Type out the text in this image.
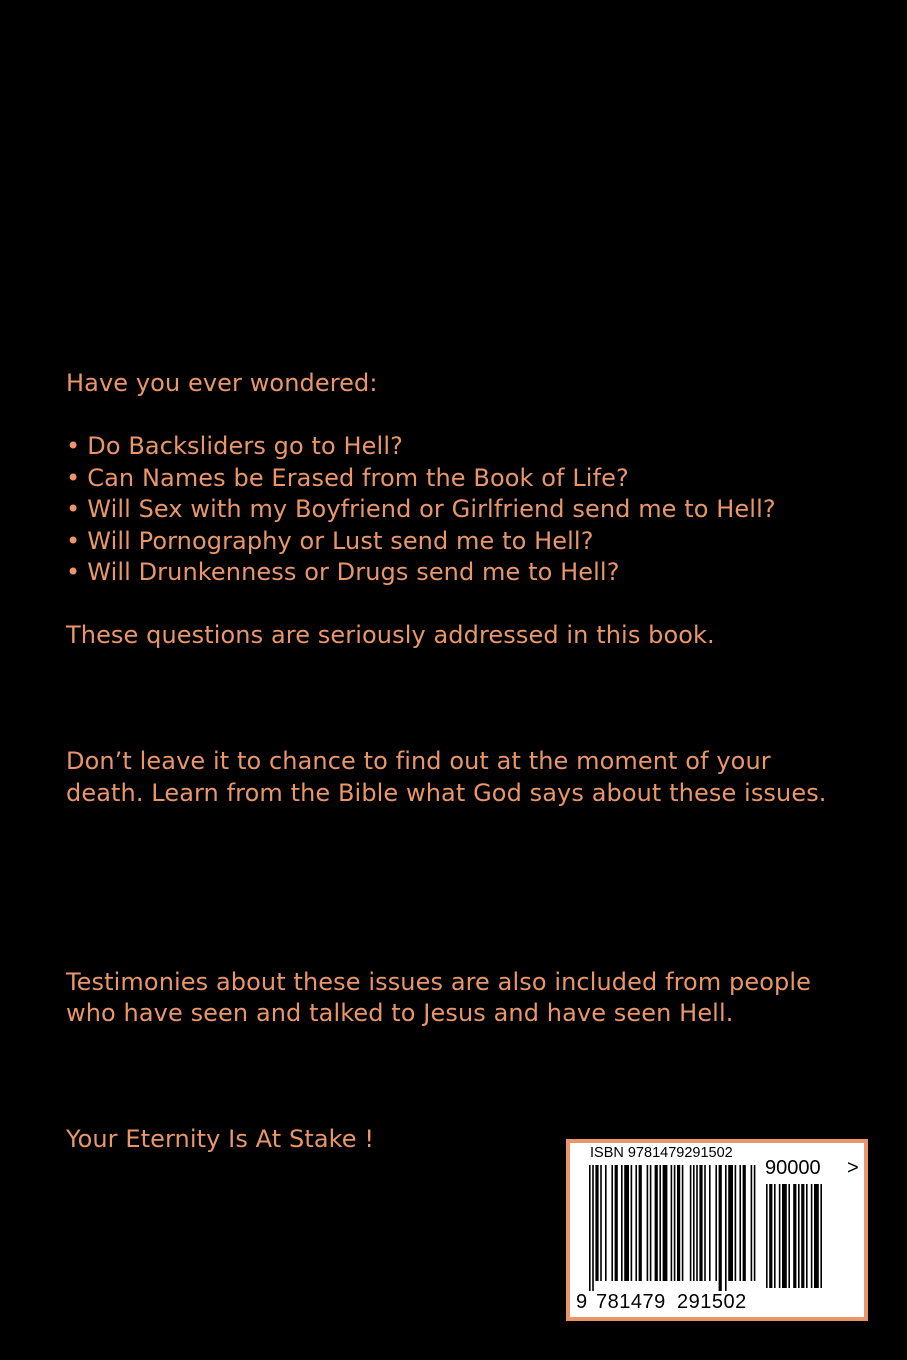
Have you ever wondered:

• Do Backsliders go to Hell?
• Can Names be Erased from the Book of Life?
• Will Sex with my Boyfriend or Girlfriend send me to Hell?
• Will Pornography or Lust send me to Hell?
• Will Drunkenness or Drugs send me to Hell?

These questions are seriously addressed in this book.

Don’t leave it to chance to find out at the moment of your
death. Learn from the Bible what God says about these issues.

Testimonies about these issues are also included from people
who have seen and talked to Jesus and have seen Hell.

Your Eternity Is At Stake !	ISBN 9781479291502
90000 >
9 781479 291502
